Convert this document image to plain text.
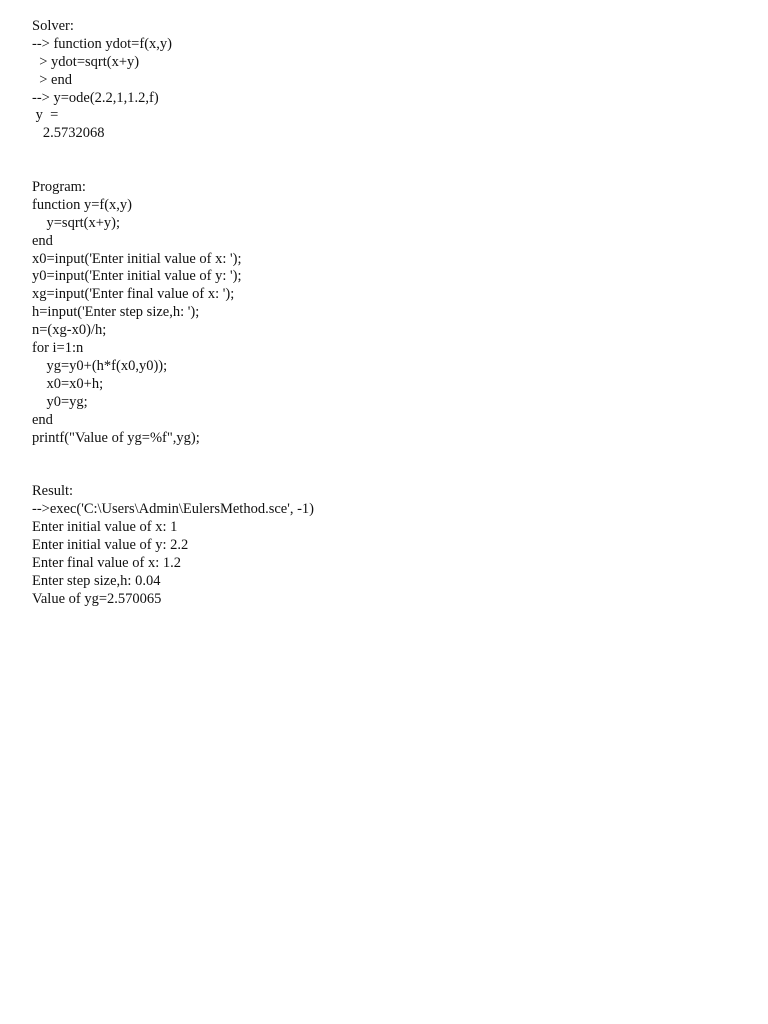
Solver:
--> function ydot=f(x,y)
> ydot=sqrt(x+y)
> end
--> y=ode(2.2,1,1.2,f)
y  =
2.5732068
Program:
function y=f(x,y)
y=sqrt(x+y);
end
x0=input('Enter initial value of x: ');
y0=input('Enter initial value of y: ');
xg=input('Enter final value of x: ');
h=input('Enter step size,h: ');
n=(xg-x0)/h;
for i=1:n
yg=y0+(h*f(x0,y0));
x0=x0+h;
y0=yg;
end
printf("Value of yg=%f",yg);
Result:
-->exec('C:\Users\Admin\EulersMethod.sce', -1)
Enter initial value of x: 1
Enter initial value of y: 2.2
Enter final value of x: 1.2
Enter step size,h: 0.04
Value of yg=2.570065
